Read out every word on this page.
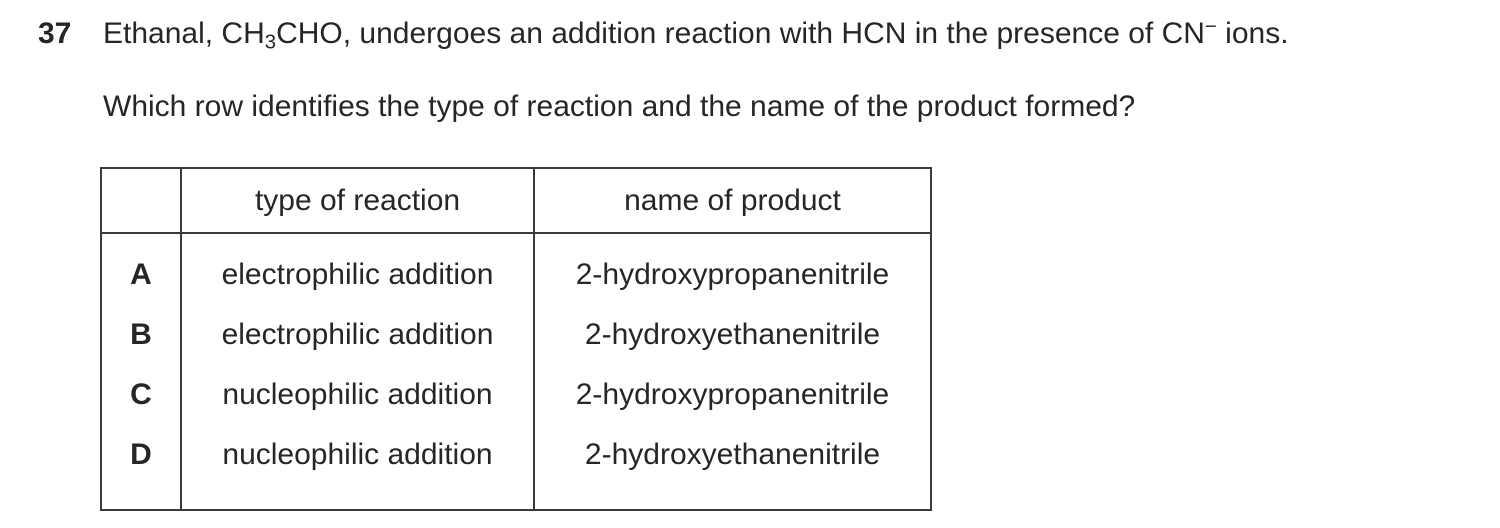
37 Ethanal, $CH_3CHO$, undergoes an addition reaction with HCN in the presence of CN− ions.
Which row identifies the type of reaction and the name of the product formed?
type of reaction	name of product
A
B
C
D
electrophilic addition
electrophilic addition
nucleophilic addition
nucleophilic addition
2-hydroxypropanenitrile
2-hydroxyethanenitrile
2-hydroxypropanenitrile
2-hydroxyethanenitrile
